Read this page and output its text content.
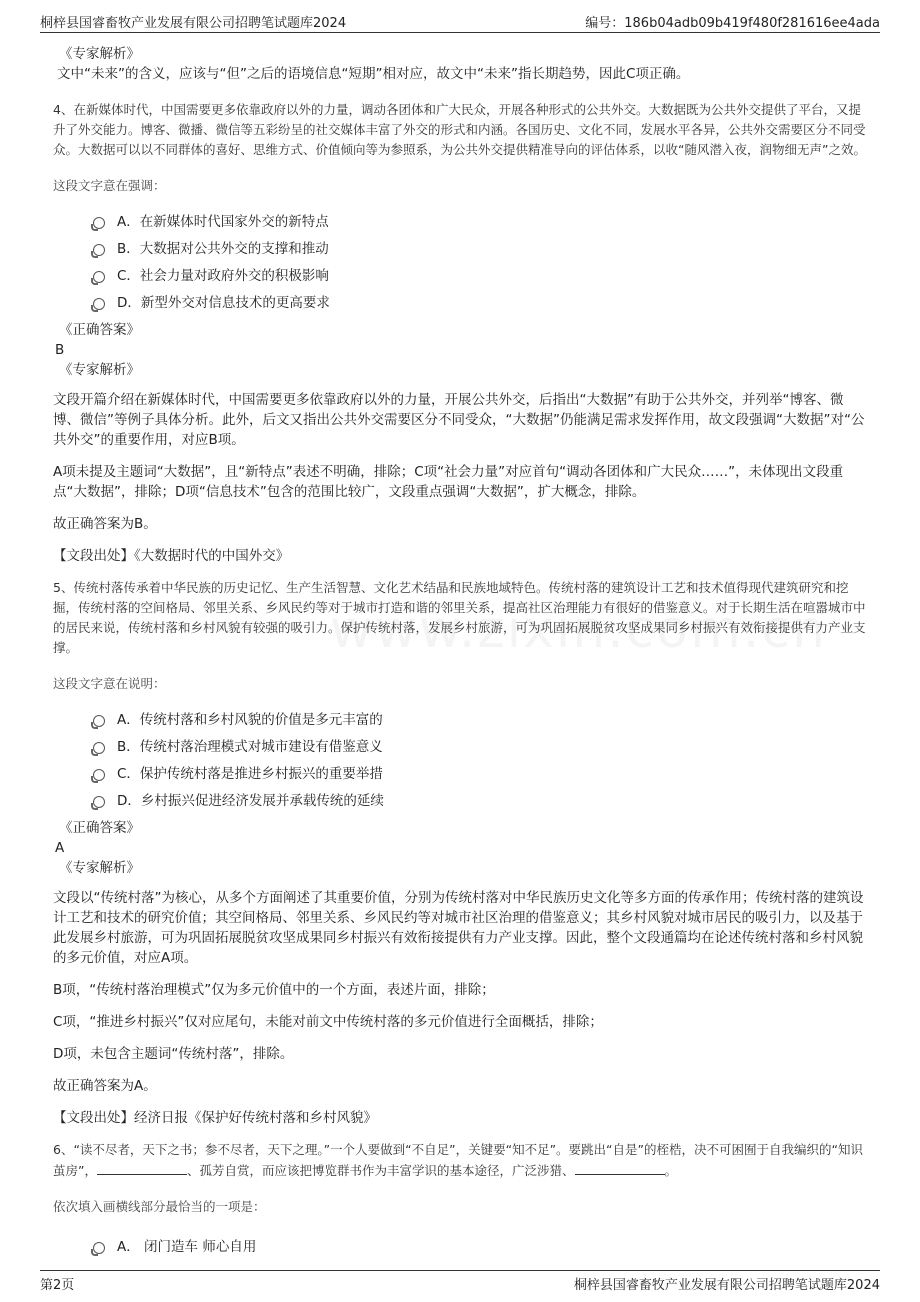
桐梓县国睿畜牧产业发展有限公司招聘笔试题库2024	编号：186b04adb09b419f480f281616ee4ada
《专家解析》
文中“未来”的含义，应该与“但”之后的语境信息“短期”相对应，故文中“未来”指长期趋势，因此C项正确。
4、在新媒体时代，中国需要更多依靠政府以外的力量，调动各团体和广大民众，开展各种形式的公共外交。大数据既为公共外交提供了平台，又提升了外交能力。博客、微播、微信等五彩纷呈的社交媒体丰富了外交的形式和内涵。各国历史、文化不同，发展水平各异，公共外交需要区分不同受众。大数据可以以不同群体的喜好、思维方式、价值倾向等为参照系，为公共外交提供精准导向的评估体系，以收“随风潜入夜，润物细无声”之效。
这段文字意在强调：
A．在新媒体时代国家外交的新特点
B．大数据对公共外交的支撑和推动
C．社会力量对政府外交的积极影响
D．新型外交对信息技术的更高要求
《正确答案》
B
《专家解析》
文段开篇介绍在新媒体时代，中国需要更多依靠政府以外的力量，开展公共外交，后指出“大数据”有助于公共外交，并列举“博客、微博、微信”等例子具体分析。此外，后文又指出公共外交需要区分不同受众，“大数据”仍能满足需求发挥作用，故文段强调“大数据”对“公共外交”的重要作用，对应B项。
A项未提及主题词“大数据”，且“新特点”表述不明确，排除；C项“社会力量”对应首句“调动各团体和广大民众……”，未体现出文段重点“大数据”，排除；D项“信息技术”包含的范围比较广，文段重点强调“大数据”，扩大概念，排除。
故正确答案为B。
【文段出处】《大数据时代的中国外交》
5、传统村落传承着中华民族的历史记忆、生产生活智慧、文化艺术结晶和民族地域特色。传统村落的建筑设计工艺和技术值得现代建筑研究和挖掘，传统村落的空间格局、邻里关系、乡风民约等对于城市打造和谐的邻里关系，提高社区治理能力有很好的借鉴意义。对于长期生活在喧嚣城市中的居民来说，传统村落和乡村风貌有较强的吸引力。保护传统村落，发展乡村旅游，可为巩固拓展脱贫攻坚成果同乡村振兴有效衔接提供有力产业支撑。
这段文字意在说明：
A．传统村落和乡村风貌的价值是多元丰富的
B．传统村落治理模式对城市建设有借鉴意义
C．保护传统村落是推进乡村振兴的重要举措
D．乡村振兴促进经济发展并承载传统的延续
《正确答案》
A
《专家解析》
文段以“传统村落”为核心，从多个方面阐述了其重要价值，分别为传统村落对中华民族历史文化等多方面的传承作用；传统村落的建筑设计工艺和技术的研究价值；其空间格局、邻里关系、乡风民约等对城市社区治理的借鉴意义；其乡村风貌对城市居民的吸引力，以及基于此发展乡村旅游，可为巩固拓展脱贫攻坚成果同乡村振兴有效衔接提供有力产业支撑。因此，整个文段通篇均在论述传统村落和乡村风貌的多元价值，对应A项。
B项，“传统村落治理模式”仅为多元价值中的一个方面，表述片面，排除；
C项，“推进乡村振兴”仅对应尾句，未能对前文中传统村落的多元价值进行全面概括，排除；
D项，未包含主题词“传统村落”，排除。
故正确答案为A。
【文段出处】经济日报《保护好传统村落和乡村风貌》
6、“读不尽者，天下之书；参不尽者，天下之理。”一个人要做到“不自足”，关键要“知不足”。要跳出“自是”的桎梏，决不可困囿于自我编织的“知识茧房”，	、孤芳自赏，而应该把博览群书作为丰富学识的基本途径，广泛涉猎、	。
依次填入画横线部分最恰当的一项是：
A． 闭门造车 师心自用
第2页	桐梓县国睿畜牧产业发展有限公司招聘笔试题库2024
